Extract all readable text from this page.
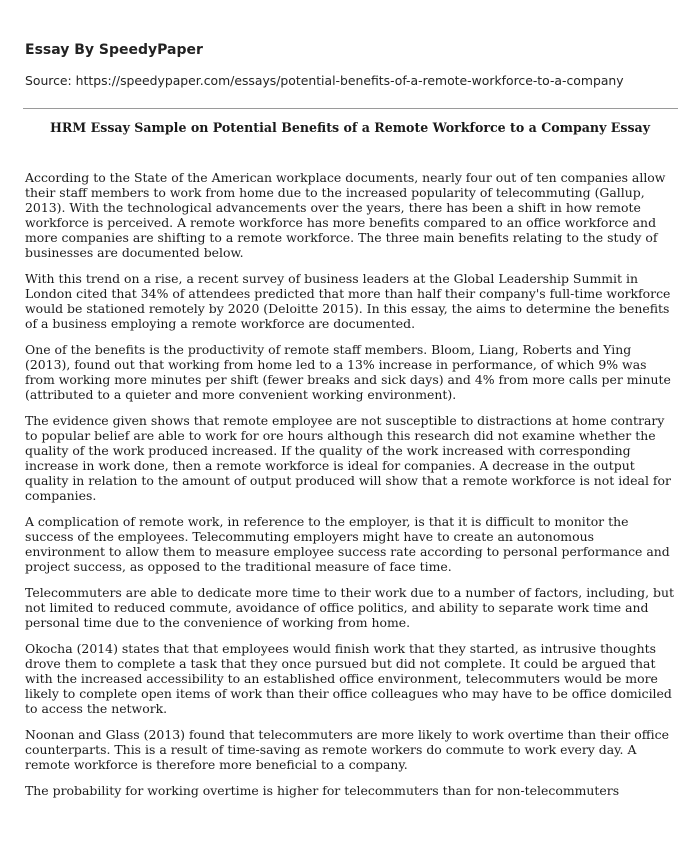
Essay By SpeedyPaper
Source: https://speedypaper.com/essays/potential-benefits-of-a-remote-workforce-to-a-company
HRM Essay Sample on Potential Benefits of a Remote Workforce to a Company Essay

According to the State of the American workplace documents, nearly four out of ten companies allow their staff members to work from home due to the increased popularity of telecommuting (Gallup, 2013). With the technological advancements over the years, there has been a shift in how remote workforce is perceived. A remote workforce has more benefits compared to an office workforce and more companies are shifting to a remote workforce. The three main benefits relating to the study of businesses are documented below.

With this trend on a rise, a recent survey of business leaders at the Global Leadership Summit in London cited that 34% of attendees predicted that more than half their company's full-time workforce would be stationed remotely by 2020 (Deloitte 2015). In this essay, the aims to determine the benefits of a business employing a remote workforce are documented.

One of the benefits is the productivity of remote staff members. Bloom, Liang, Roberts and Ying (2013), found out that working from home led to a 13% increase in performance, of which 9% was from working more minutes per shift (fewer breaks and sick days) and 4% from more calls per minute (attributed to a quieter and more convenient working environment).

The evidence given shows that remote employee are not susceptible to distractions at home contrary to popular belief are able to work for ore hours although this research did not examine whether the quality of the work produced increased. If the quality of the work increased with corresponding increase in work done, then a remote workforce is ideal for companies. A decrease in the output quality in relation to the amount of output produced will show that a remote workforce is not ideal for companies.

A complication of remote work, in reference to the employer, is that it is difficult to monitor the success of the employees. Telecommuting employers might have to create an autonomous environment to allow them to measure employee success rate according to personal performance and project success, as opposed to the traditional measure of face time.

Telecommuters are able to dedicate more time to their work due to a number of factors, including, but not limited to reduced commute, avoidance of office politics, and ability to separate work time and personal time due to the convenience of working from home.

Okocha (2014) states that that employees would finish work that they started, as intrusive thoughts drove them to complete a task that they once pursued but did not complete. It could be argued that with the increased accessibility to an established office environment, telecommuters would be more likely to complete open items of work than their office colleagues who may have to be office domiciled to access the network.

Noonan and Glass (2013) found that telecommuters are more likely to work overtime than their office counterparts. This is a result of time-saving as remote workers do commute to work every day. A remote workforce is therefore more beneficial to a company.

The probability for working overtime is higher for telecommuters than for non-telecommuters
